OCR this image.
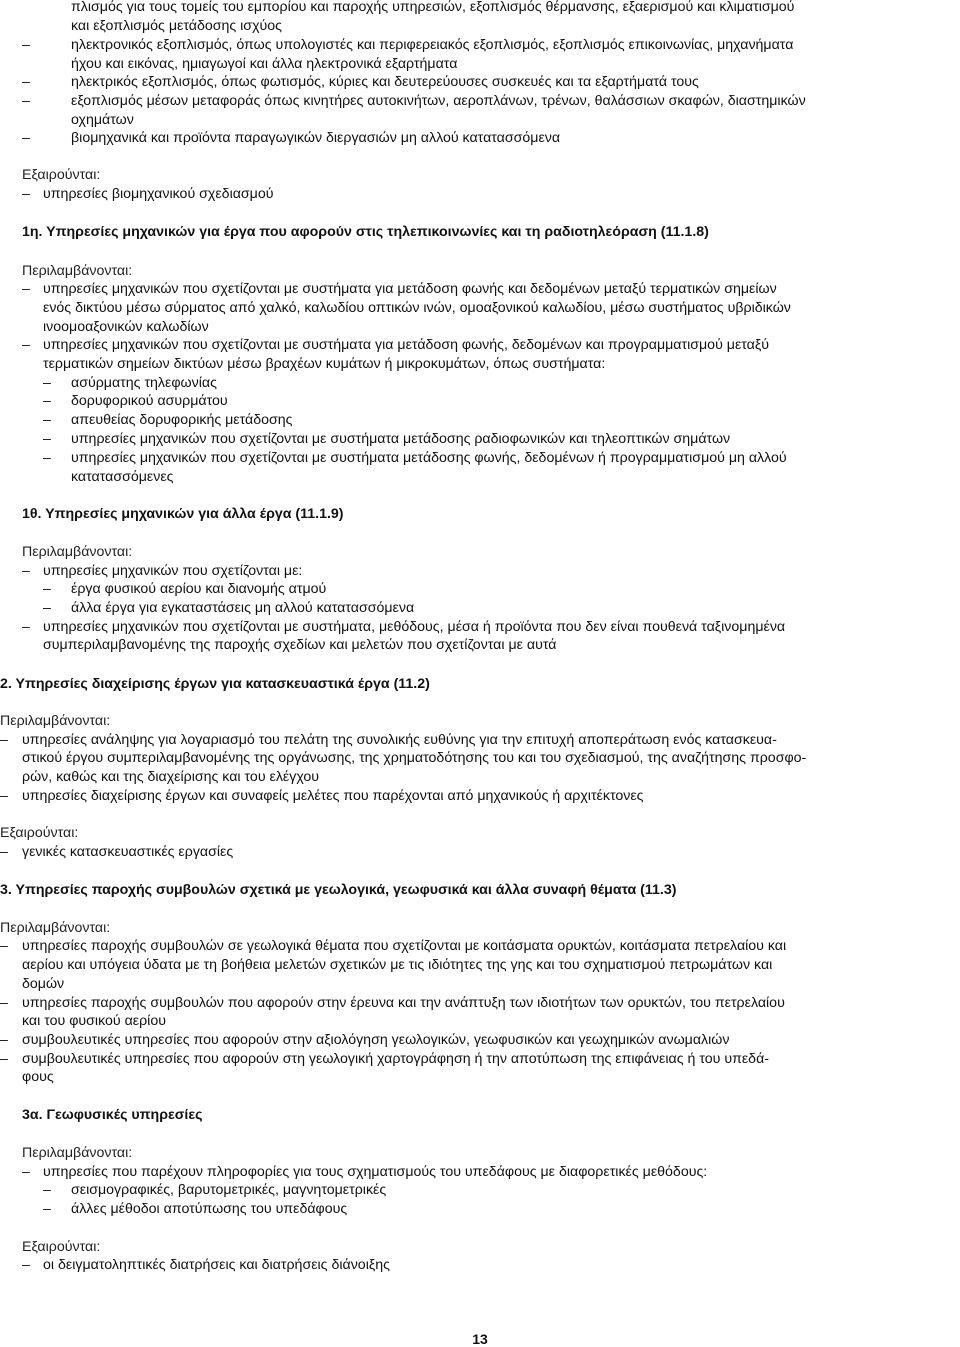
πλισμός για τους τομείς του εμπορίου και παροχής υπηρεσιών, εξοπλισμός θέρμανσης, εξαερισμού και κλιματισμού
και εξοπλισμός μετάδοσης ισχύος
–	ηλεκτρονικός εξοπλισμός, όπως υπολογιστές και περιφερειακός εξοπλισμός, εξοπλισμός επικοινωνίας, μηχανήματα
ήχου και εικόνας, ημιαγωγοί και άλλα ηλεκτρονικά εξαρτήματα
–	ηλεκτρικός εξοπλισμός, όπως φωτισμός, κύριες και δευτερεύουσες συσκευές και τα εξαρτήματά τους
–	εξοπλισμός μέσων μεταφοράς όπως κινητήρες αυτοκινήτων, αεροπλάνων, τρένων, θαλάσσιων σκαφών, διαστημικών
οχημάτων
–	βιομηχανικά και προϊόντα παραγωγικών διεργασιών μη αλλού κατατασσόμενα
Εξαιρούνται:
– υπηρεσίες βιομηχανικού σχεδιασμού
1η. Υπηρεσίες μηχανικών για έργα που αφορούν στις τηλεπικοινωνίες και τη ραδιοτηλεόραση (11.1.8)
Περιλαμβάνονται:
– υπηρεσίες μηχανικών που σχετίζονται με συστήματα για μετάδοση φωνής και δεδομένων μεταξύ τερματικών σημείων
ενός δικτύου μέσω σύρματος από χαλκό, καλωδίου οπτικών ινών, ομοαξονικού καλωδίου, μέσω συστήματος υβριδικών
ινοομοαξονικών καλωδίων
– υπηρεσίες μηχανικών που σχετίζονται με συστήματα για μετάδοση φωνής, δεδομένων και προγραμματισμού μεταξύ
τερματικών σημείων δικτύων μέσω βραχέων κυμάτων ή μικροκυμάτων, όπως συστήματα:
– ασύρματης τηλεφωνίας
– δορυφορικού ασυρμάτου
– απευθείας δορυφορικής μετάδοσης
– υπηρεσίες μηχανικών που σχετίζονται με συστήματα μετάδοσης ραδιοφωνικών και τηλεοπτικών σημάτων
– υπηρεσίες μηχανικών που σχετίζονται με συστήματα μετάδοσης φωνής, δεδομένων ή προγραμματισμού μη αλλού
κατατασσόμενες
1θ. Υπηρεσίες μηχανικών για άλλα έργα (11.1.9)
Περιλαμβάνονται:
– υπηρεσίες μηχανικών που σχετίζονται με:
– έργα φυσικού αερίου και διανομής ατμού
– άλλα έργα για εγκαταστάσεις μη αλλού κατατασσόμενα
– υπηρεσίες μηχανικών που σχετίζονται με συστήματα, μεθόδους, μέσα ή προϊόντα που δεν είναι πουθενά ταξινομημένα
συμπεριλαμβανομένης της παροχής σχεδίων και μελετών που σχετίζονται με αυτά
2. Υπηρεσίες διαχείρισης έργων για κατασκευαστικά έργα (11.2)
Περιλαμβάνονται:
– υπηρεσίες ανάληψης για λογαριασμό του πελάτη της συνολικής ευθύνης για την επιτυχή αποπεράτωση ενός κατασκευα-
στικού έργου συμπεριλαμβανομένης της οργάνωσης, της χρηματοδότησης του και του σχεδιασμού, της αναζήτησης προσφο-
ρών, καθώς και της διαχείρισης και του ελέγχου
– υπηρεσίες διαχείρισης έργων και συναφείς μελέτες που παρέχονται από μηχανικούς ή αρχιτέκτονες
Εξαιρούνται:
– γενικές κατασκευαστικές εργασίες
3. Υπηρεσίες παροχής συμβουλών σχετικά με γεωλογικά, γεωφυσικά και άλλα συναφή θέματα (11.3)
Περιλαμβάνονται:
– υπηρεσίες παροχής συμβουλών σε γεωλογικά θέματα που σχετίζονται με κοιτάσματα ορυκτών, κοιτάσματα πετρελαίου και
αερίου και υπόγεια ύδατα με τη βοήθεια μελετών σχετικών με τις ιδιότητες της γης και του σχηματισμού πετρωμάτων και
δομών
– υπηρεσίες παροχής συμβουλών που αφορούν στην έρευνα και την ανάπτυξη των ιδιοτήτων των ορυκτών, του πετρελαίου
και του φυσικού αερίου
– συμβουλευτικές υπηρεσίες που αφορούν στην αξιολόγηση γεωλογικών, γεωφυσικών και γεωχημικών ανωμαλιών
– συμβουλευτικές υπηρεσίες που αφορούν στη γεωλογική χαρτογράφηση ή την αποτύπωση της επιφάνειας ή του υπεδά-
φους
3α. Γεωφυσικές υπηρεσίες
Περιλαμβάνονται:
– υπηρεσίες που παρέχουν πληροφορίες για τους σχηματισμούς του υπεδάφους με διαφορετικές μεθόδους:
– σεισμογραφικές, βαρυτομετρικές, μαγνητομετρικές
– άλλες μέθοδοι αποτύπωσης του υπεδάφους
Εξαιρούνται:
– οι δειγματοληπτικές διατρήσεις και διατρήσεις διάνοιξης
13
